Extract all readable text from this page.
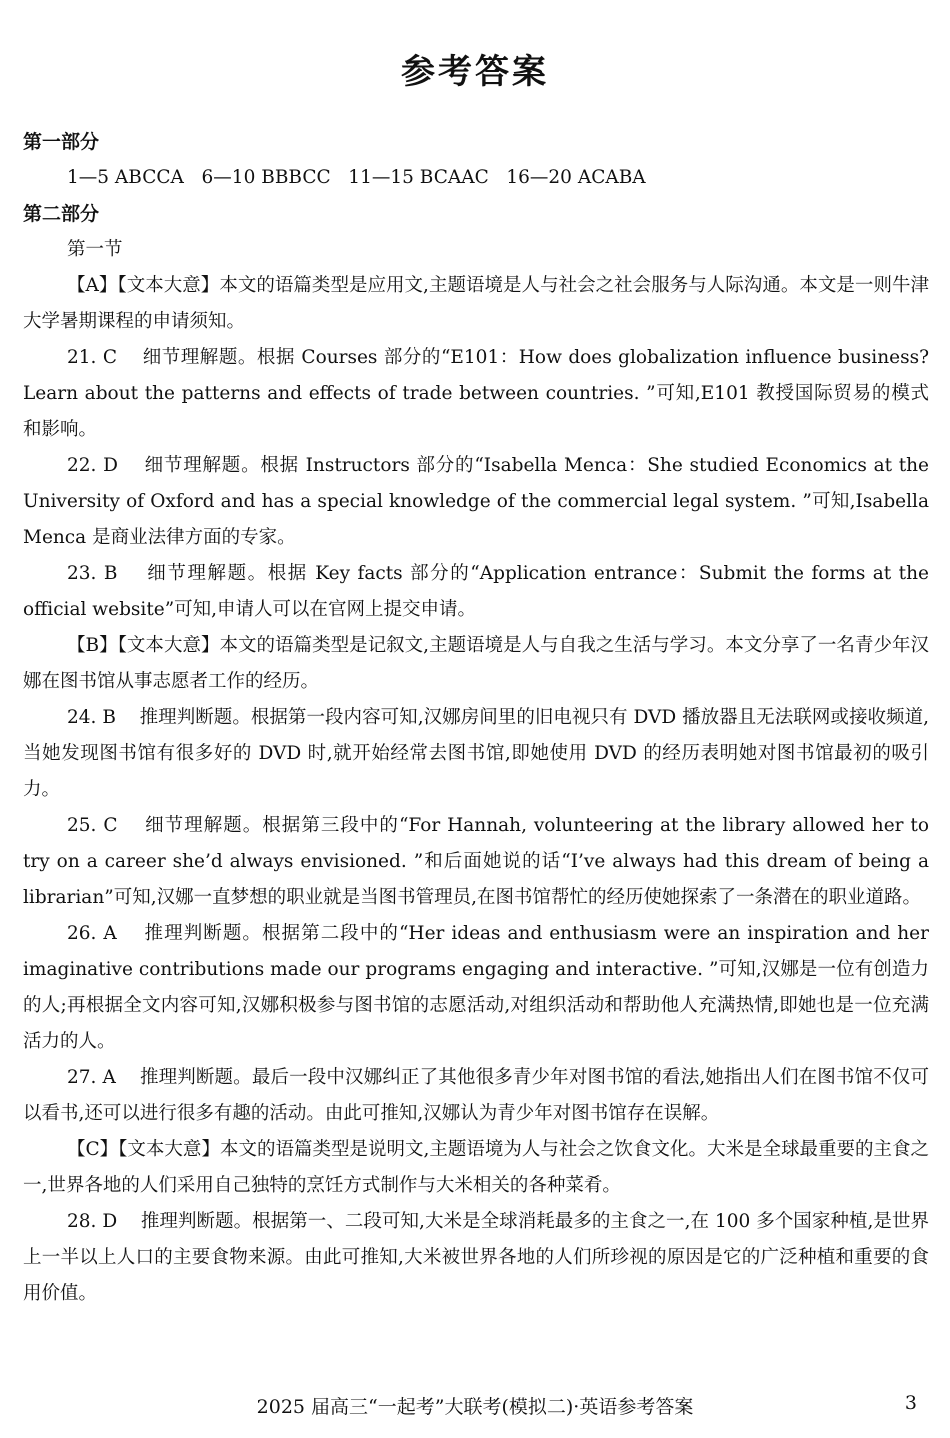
参考答案

第一部分

1—5 ABCCA   6—10 BBBCC   11—15 BCAAC   16—20 ACABA

第二部分

第一节

【A】【文本大意】本文的语篇类型是应用文,主题语境是人与社会之社会服务与人际沟通。本文是一则牛津大学暑期课程的申请须知。

21. C 细节理解题。根据 Courses 部分的“E101：How does globalization influence business? Learn about the patterns and effects of trade between countries. ”可知,E101 教授国际贸易的模式和影响。

22. D 细节理解题。根据 Instructors 部分的“Isabella Menca：She studied Economics at the University of Oxford and has a special knowledge of the commercial legal system. ”可知,Isabella Menca 是商业法律方面的专家。

23. B 细节理解题。根据 Key facts 部分的“Application entrance：Submit the forms at the official website”可知,申请人可以在官网上提交申请。

【B】【文本大意】本文的语篇类型是记叙文,主题语境是人与自我之生活与学习。本文分享了一名青少年汉娜在图书馆从事志愿者工作的经历。

24. B 推理判断题。根据第一段内容可知,汉娜房间里的旧电视只有 DVD 播放器且无法联网或接收频道,当她发现图书馆有很多好的 DVD 时,就开始经常去图书馆,即她使用 DVD 的经历表明她对图书馆最初的吸引力。

25. C 细节理解题。根据第三段中的“For Hannah, volunteering at the library allowed her to try on a career she’d always envisioned. ”和后面她说的话“I’ve always had this dream of being a librarian”可知,汉娜一直梦想的职业就是当图书管理员,在图书馆帮忙的经历使她探索了一条潜在的职业道路。

26. A 推理判断题。根据第二段中的“Her ideas and enthusiasm were an inspiration and her imaginative contributions made our programs engaging and interactive. ”可知,汉娜是一位有创造力的人;再根据全文内容可知,汉娜积极参与图书馆的志愿活动,对组织活动和帮助他人充满热情,即她也是一位充满活力的人。

27. A 推理判断题。最后一段中汉娜纠正了其他很多青少年对图书馆的看法,她指出人们在图书馆不仅可以看书,还可以进行很多有趣的活动。由此可推知,汉娜认为青少年对图书馆存在误解。

【C】【文本大意】本文的语篇类型是说明文,主题语境为人与社会之饮食文化。大米是全球最重要的主食之一,世界各地的人们采用自己独特的烹饪方式制作与大米相关的各种菜肴。

28. D 推理判断题。根据第一、二段可知,大米是全球消耗最多的主食之一,在 100 多个国家种植,是世界上一半以上人口的主要食物来源。由此可推知,大米被世界各地的人们所珍视的原因是它的广泛种植和重要的食用价值。

2025 届高三“一起考”大联考(模拟二)·英语参考答案	3
